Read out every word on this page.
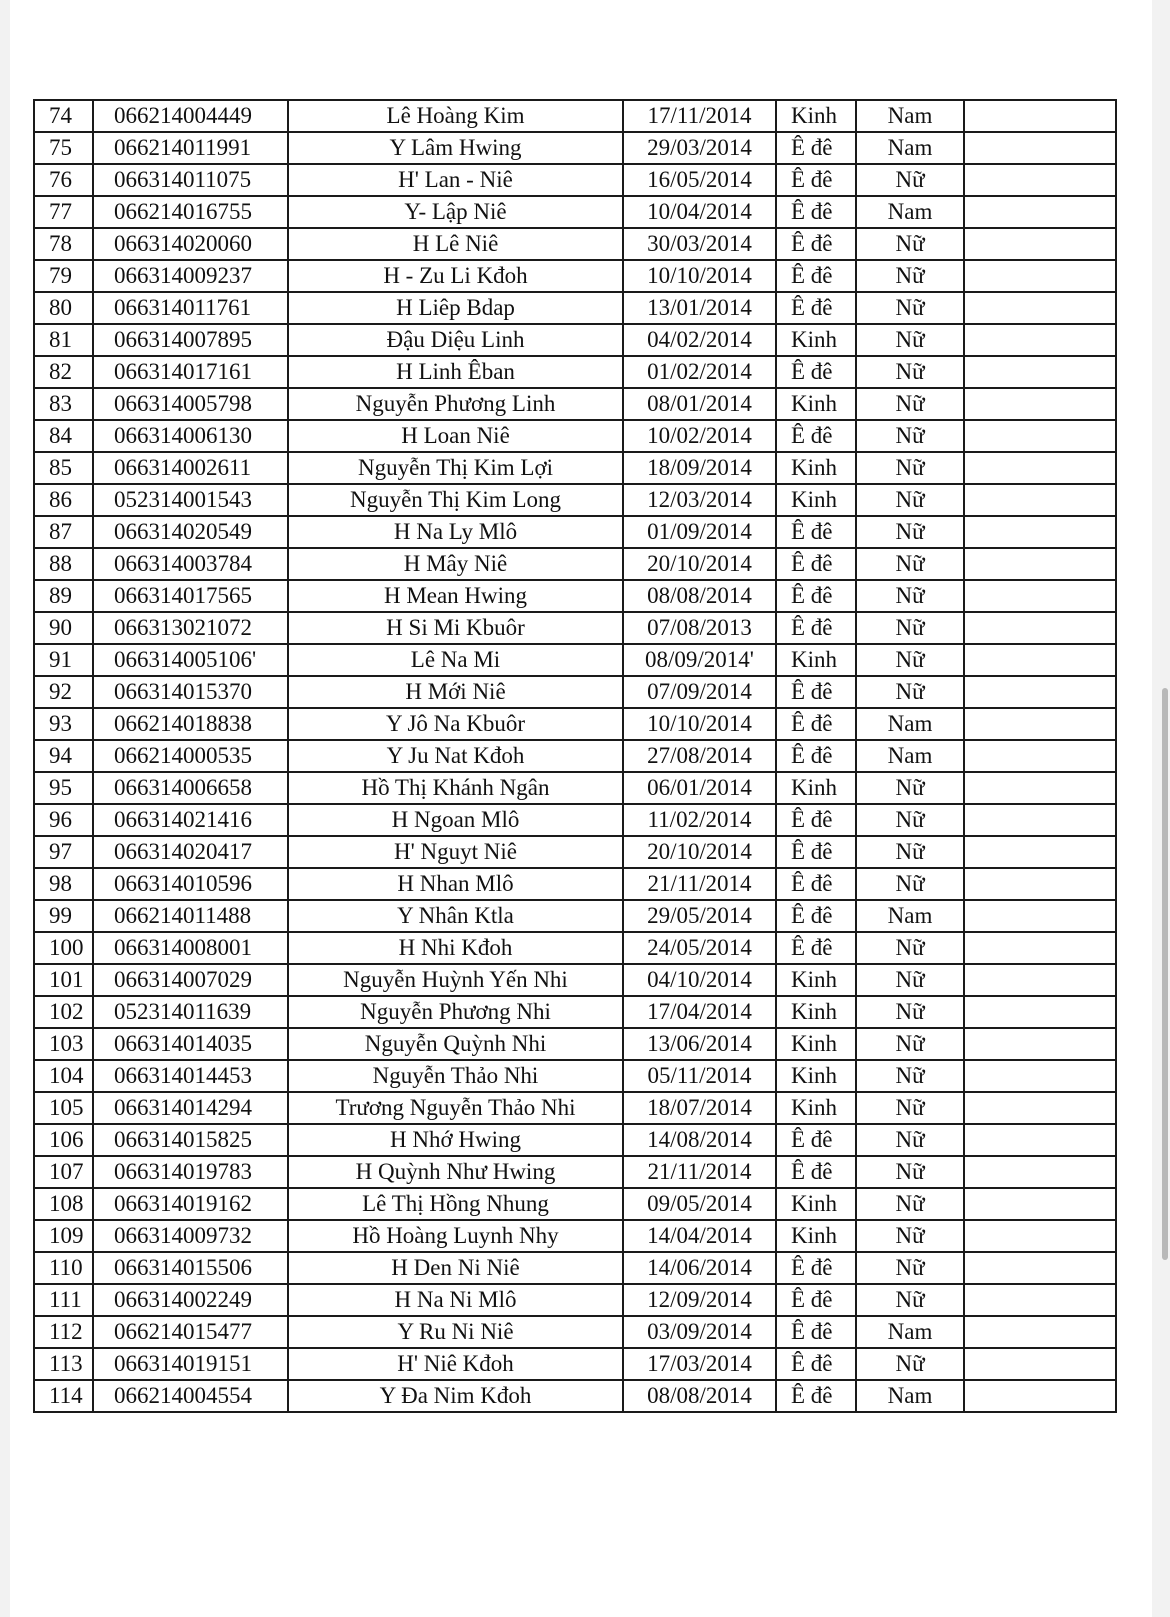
74	066214004449	Lê Hoàng Kim	17/11/2014	Kinh	Nam	
75	066214011991	Y Lâm Hwing	29/03/2014	Ê đê	Nam	
76	066314011075	H' Lan - Niê	16/05/2014	Ê đê	Nữ	
77	066214016755	Y- Lập Niê	10/04/2014	Ê đê	Nam	
78	066314020060	H Lê Niê	30/03/2014	Ê đê	Nữ	
79	066314009237	H - Zu Li Kđoh	10/10/2014	Ê đê	Nữ	
80	066314011761	H Liêp Bdap	13/01/2014	Ê đê	Nữ	
81	066314007895	Đậu Diệu Linh	04/02/2014	Kinh	Nữ	
82	066314017161	H Linh Êban	01/02/2014	Ê đê	Nữ	
83	066314005798	Nguyễn Phương Linh	08/01/2014	Kinh	Nữ	
84	066314006130	H Loan Niê	10/02/2014	Ê đê	Nữ	
85	066314002611	Nguyễn Thị Kim Lợi	18/09/2014	Kinh	Nữ	
86	052314001543	Nguyễn Thị Kim Long	12/03/2014	Kinh	Nữ	
87	066314020549	H Na Ly Mlô	01/09/2014	Ê đê	Nữ	
88	066314003784	H Mây Niê	20/10/2014	Ê đê	Nữ	
89	066314017565	H Mean Hwing	08/08/2014	Ê đê	Nữ	
90	066313021072	H Si Mi Kbuôr	07/08/2013	Ê đê	Nữ	
91	066314005106'	Lê Na Mi	08/09/2014'	Kinh	Nữ	
92	066314015370	H Mới Niê	07/09/2014	Ê đê	Nữ	
93	066214018838	Y Jô Na Kbuôr	10/10/2014	Ê đê	Nam	
94	066214000535	Y Ju Nat Kđoh	27/08/2014	Ê đê	Nam	
95	066314006658	Hồ Thị Khánh Ngân	06/01/2014	Kinh	Nữ	
96	066314021416	H Ngoan Mlô	11/02/2014	Ê đê	Nữ	
97	066314020417	H' Nguyt Niê	20/10/2014	Ê đê	Nữ	
98	066314010596	H Nhan Mlô	21/11/2014	Ê đê	Nữ	
99	066214011488	Y Nhân Ktla	29/05/2014	Ê đê	Nam	
100	066314008001	H Nhi Kđoh	24/05/2014	Ê đê	Nữ	
101	066314007029	Nguyễn Huỳnh Yến Nhi	04/10/2014	Kinh	Nữ	
102	052314011639	Nguyễn Phương Nhi	17/04/2014	Kinh	Nữ	
103	066314014035	Nguyễn Quỳnh Nhi	13/06/2014	Kinh	Nữ	
104	066314014453	Nguyễn Thảo Nhi	05/11/2014	Kinh	Nữ	
105	066314014294	Trương Nguyễn Thảo Nhi	18/07/2014	Kinh	Nữ	
106	066314015825	H Nhớ Hwing	14/08/2014	Ê đê	Nữ	
107	066314019783	H Quỳnh Như Hwing	21/11/2014	Ê đê	Nữ	
108	066314019162	Lê Thị Hồng Nhung	09/05/2014	Kinh	Nữ	
109	066314009732	Hồ Hoàng Luynh Nhy	14/04/2014	Kinh	Nữ	
110	066314015506	H Den Ni Niê	14/06/2014	Ê đê	Nữ	
111	066314002249	H Na Ni Mlô	12/09/2014	Ê đê	Nữ	
112	066214015477	Y Ru Ni Niê	03/09/2014	Ê đê	Nam	
113	066314019151	H' Niê Kđoh	17/03/2014	Ê đê	Nữ	
114	066214004554	Y Đa Nim Kđoh	08/08/2014	Ê đê	Nam	
